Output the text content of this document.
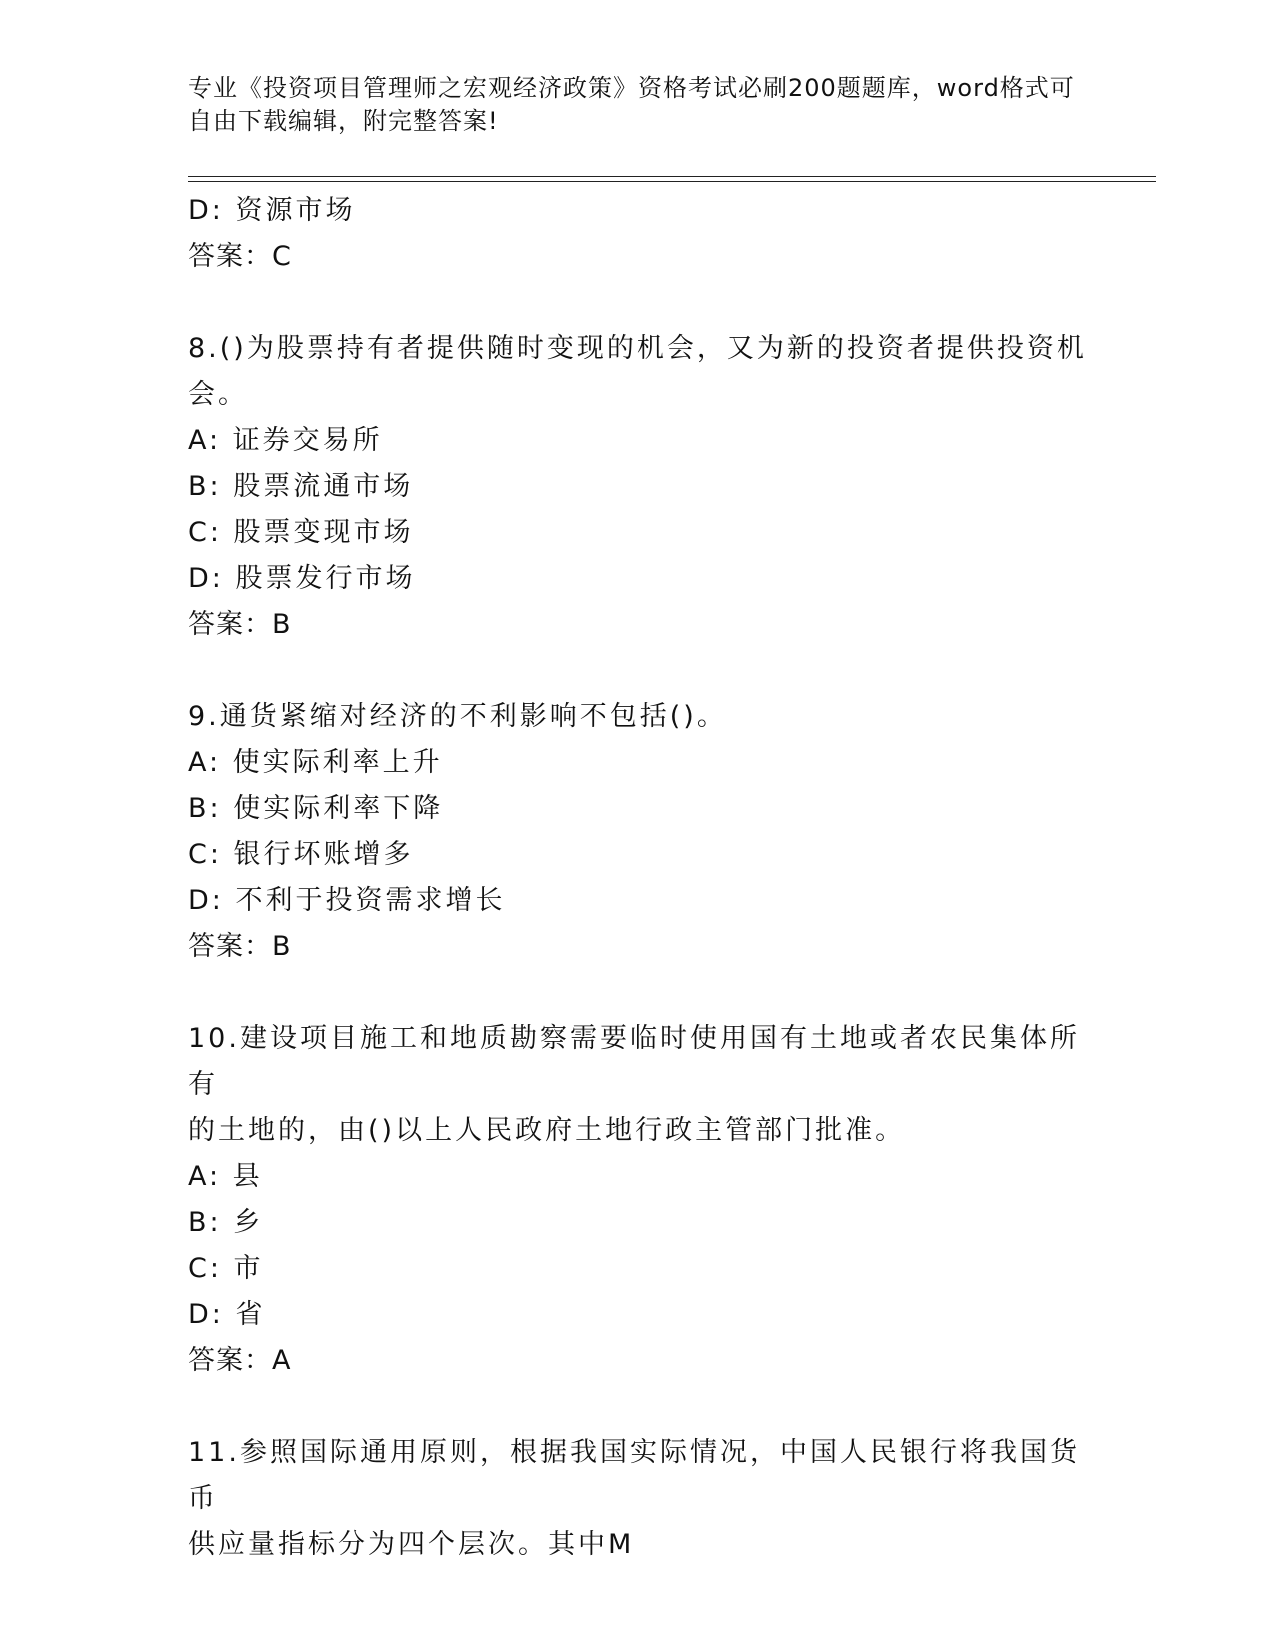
专业《投资项目管理师之宏观经济政策》资格考试必刷200题题库，word格式可
自由下载编辑，附完整答案!
D: 资源市场
答案：C
8.()为股票持有者提供随时变现的机会，又为新的投资者提供投资机
会。
A: 证券交易所
B: 股票流通市场
C: 股票变现市场
D: 股票发行市场
答案：B
9.通货紧缩对经济的不利影响不包括()。
A: 使实际利率上升
B: 使实际利率下降
C: 银行坏账增多
D: 不利于投资需求增长
答案：B
10.建设项目施工和地质勘察需要临时使用国有土地或者农民集体所有
的土地的，由()以上人民政府土地行政主管部门批准。
A: 县
B: 乡
C: 市
D: 省
答案：A
11.参照国际通用原则，根据我国实际情况，中国人民银行将我国货币
供应量指标分为四个层次。其中M
